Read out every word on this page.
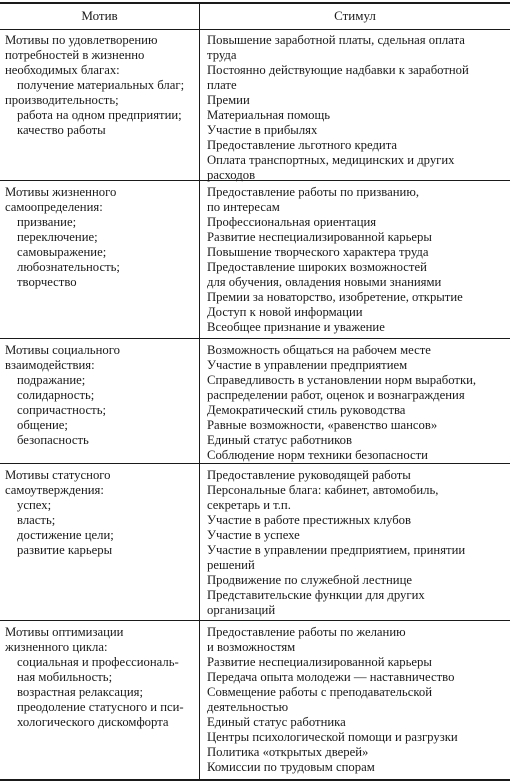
Мотив	Стимул
Мотивы по удовлетворению
потребностей в жизненно
необходимых благах:
получение материальных благ;
производительность;
работа на одном предприятии;
качество работы
Повышение заработной платы, сдельная оплата
труда
Постоянно действующие надбавки к заработной
плате
Премии
Материальная помощь
Участие в прибылях
Предоставление льготного кредита
Оплата транспортных, медицинских и других
расходов
Мотивы жизненного
самоопределения:
призвание;
переключение;
самовыражение;
любознательность;
творчество
Предоставление работы по призванию,
по интересам
Профессиональная ориентация
Развитие неспециализированной карьеры
Повышение творческого характера труда
Предоставление широких возможностей
для обучения, овладения новыми знаниями
Премии за новаторство, изобретение, открытие
Доступ к новой информации
Всеобщее признание и уважение
Мотивы социального
взаимодействия:
подражание;
солидарность;
сопричастность;
общение;
безопасность
Возможность общаться на рабочем месте
Участие в управлении предприятием
Справедливость в установлении норм выработки,
распределении работ, оценок и вознаграждения
Демократический стиль руководства
Равные возможности, «равенство шансов»
Единый статус работников
Соблюдение норм техники безопасности
Мотивы статусного
самоутверждения:
успех;
власть;
достижение цели;
развитие карьеры
Предоставление руководящей работы
Персональные блага: кабинет, автомобиль,
секретарь и т.п.
Участие в работе престижных клубов
Участие в успехе
Участие в управлении предприятием, принятии
решений
Продвижение по служебной лестнице
Представительские функции для других
организаций
Мотивы оптимизации
жизненного цикла:
социальная и профессиональ-
ная мобильность;
возрастная релаксация;
преодоление статусного и пси-
хологического дискомфорта
Предоставление работы по желанию
и возможностям
Развитие неспециализированной карьеры
Передача опыта молодежи — наставничество
Совмещение работы с преподавательской
деятельностью
Единый статус работника
Центры психологической помощи и разгрузки
Политика «открытых дверей»
Комиссии по трудовым спорам
